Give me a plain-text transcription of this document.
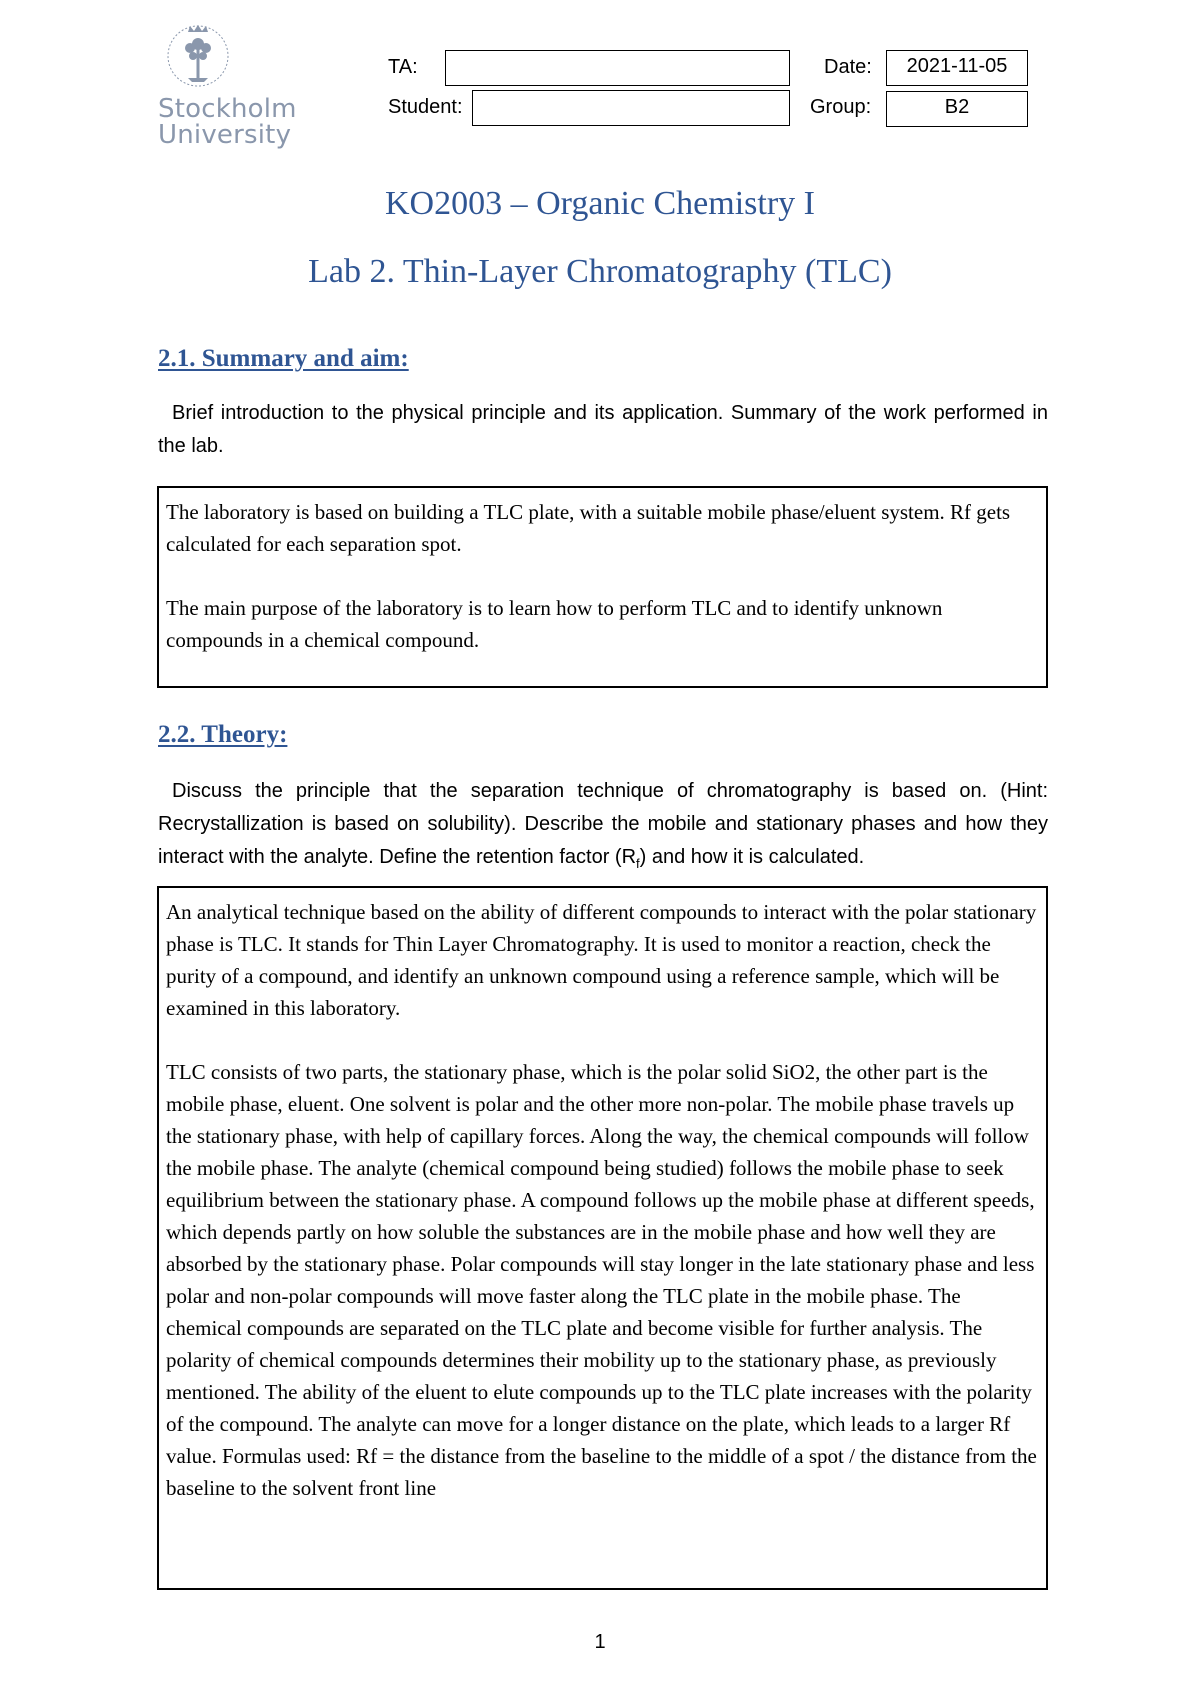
Stockholm
University
TA:
Student:
Date:	2021-11-05
Group:	B2
KO2003 – Organic Chemistry I
Lab 2. Thin-Layer Chromatography (TLC)
2.1. Summary and aim:
Brief introduction to the physical principle and its application. Summary of the work performed in the lab.

The laboratory is based on building a TLC plate, with a suitable mobile phase/eluent system. Rf gets calculated for each separation spot.

The main purpose of the laboratory is to learn how to perform TLC and to identify unknown compounds in a chemical compound.

2.2. Theory:
Discuss the principle that the separation technique of chromatography is based on. (Hint: Recrystallization is based on solubility). Describe the mobile and stationary phases and how they interact with the analyte. Define the retention factor $(R_f)$ and how it is calculated.

An analytical technique based on the ability of different compounds to interact with the polar stationary phase is TLC. It stands for Thin Layer Chromatography. It is used to monitor a reaction, check the purity of a compound, and identify an unknown compound using a reference sample, which will be examined in this laboratory.

TLC consists of two parts, the stationary phase, which is the polar solid SiO2, the other part is the mobile phase, eluent. One solvent is polar and the other more non-polar. The mobile phase travels up the stationary phase, with help of capillary forces. Along the way, the chemical compounds will follow the mobile phase. The analyte (chemical compound being studied) follows the mobile phase to seek equilibrium between the stationary phase. A compound follows up the mobile phase at different speeds, which depends partly on how soluble the substances are in the mobile phase and how well they are absorbed by the stationary phase. Polar compounds will stay longer in the late stationary phase and less polar and non-polar compounds will move faster along the TLC plate in the mobile phase. The chemical compounds are separated on the TLC plate and become visible for further analysis. The polarity of chemical compounds determines their mobility up to the stationary phase, as previously mentioned. The ability of the eluent to elute compounds up to the TLC plate increases with the polarity of the compound. The analyte can move for a longer distance on the plate, which leads to a larger Rf value. Formulas used: Rf = the distance from the baseline to the middle of a spot / the distance from the baseline to the solvent front line

1
